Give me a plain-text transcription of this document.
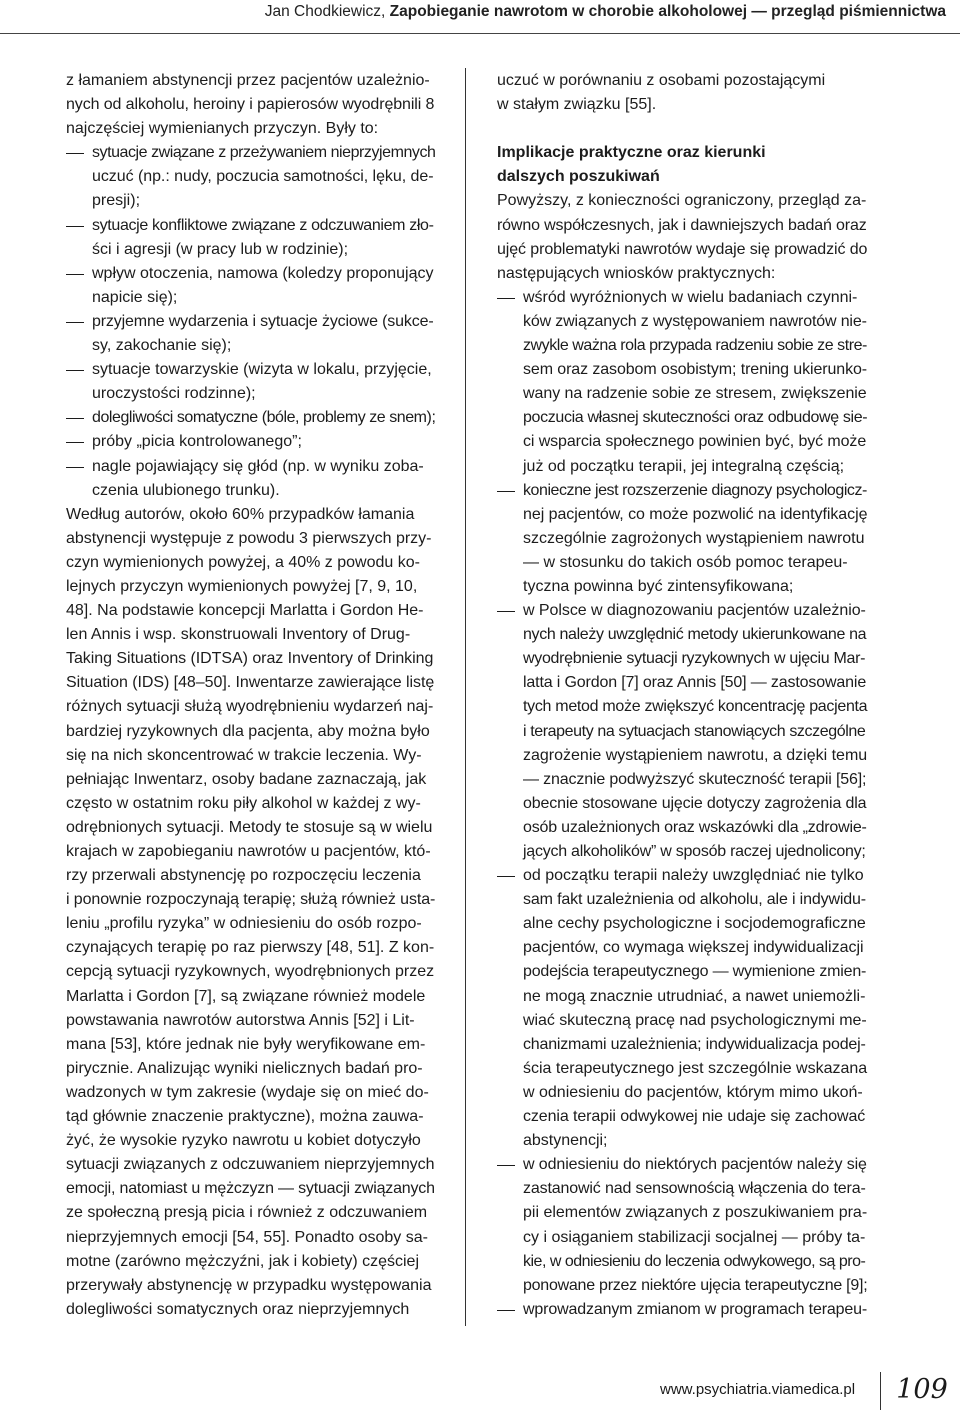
Jan Chodkiewicz, Zapobieganie nawrotom w chorobie alkoholowej — przegląd piśmiennictwa
z łamaniem abstynencji przez pacjentów uzależnio-
nych od alkoholu, heroiny i papierosów wyodrębnili 8
najczęściej wymienianych przyczyn. Były to:
sytuacje związane z przeżywaniem nieprzyjemnych
uczuć (np.: nudy, poczucia samotności, lęku, de-
presji);
sytuacje konfliktowe związane z odczuwaniem zło-
ści i agresji (w pracy lub w rodzinie);
wpływ otoczenia, namowa (koledzy proponujący
napicie się);
przyjemne wydarzenia i sytuacje życiowe (sukce-
sy, zakochanie się);
sytuacje towarzyskie (wizyta w lokalu, przyjęcie,
uroczystości rodzinne);
dolegliwości somatyczne (bóle, problemy ze snem);
próby „picia kontrolowanego”;
nagle pojawiający się głód (np. w wyniku zoba-
czenia ulubionego trunku).
Według autorów, około 60% przypadków łamania
abstynencji występuje z powodu 3 pierwszych przy-
czyn wymienionych powyżej, a 40% z powodu ko-
lejnych przyczyn wymienionych powyżej [7, 9, 10,
48]. Na podstawie koncepcji Marlatta i Gordon He-
len Annis i wsp. skonstruowali Inventory of Drug-
Taking Situations (IDTSA) oraz Inventory of Drinking
Situation (IDS) [48–50]. Inwentarze zawierające listę
różnych sytuacji służą wyodrębnieniu wydarzeń naj-
bardziej ryzykownych dla pacjenta, aby można było
się na nich skoncentrować w trakcie leczenia. Wy-
pełniając Inwentarz, osoby badane zaznaczają, jak
często w ostatnim roku piły alkohol w każdej z wy-
odrębnionych sytuacji. Metody te stosuje są w wielu
krajach w zapobieganiu nawrotów u pacjentów, któ-
rzy przerwali abstynencję po rozpoczęciu leczenia
i ponownie rozpoczynają terapię; służą również usta-
leniu „profilu ryzyka” w odniesieniu do osób rozpo-
czynających terapię po raz pierwszy [48, 51]. Z kon-
cepcją sytuacji ryzykownych, wyodrębnionych przez
Marlatta i Gordon [7], są związane również modele
powstawania nawrotów autorstwa Annis [52] i Lit-
mana [53], które jednak nie były weryfikowane em-
pirycznie. Analizując wyniki nielicznych badań pro-
wadzonych w tym zakresie (wydaje się on mieć do-
tąd głównie znaczenie praktyczne), można zauwa-
żyć, że wysokie ryzyko nawrotu u kobiet dotyczyło
sytuacji związanych z odczuwaniem nieprzyjemnych
emocji, natomiast u mężczyzn — sytuacji związanych
ze społeczną presją picia i również z odczuwaniem
nieprzyjemnych emocji [54, 55]. Ponadto osoby sa-
motne (zarówno mężczyźni, jak i kobiety) częściej
przerywały abstynencję w przypadku występowania
dolegliwości somatycznych oraz nieprzyjemnych
uczuć w porównaniu z osobami pozostającymi
w stałym związku [55].
Implikacje praktyczne oraz kierunki
dalszych poszukiwań
Powyższy, z konieczności ograniczony, przegląd za-
równo współczesnych, jak i dawniejszych badań oraz
ujęć problematyki nawrotów wydaje się prowadzić do
następujących wniosków praktycznych:
wśród wyróżnionych w wielu badaniach czynni-
ków związanych z występowaniem nawrotów nie-
zwykle ważna rola przypada radzeniu sobie ze stre-
sem oraz zasobom osobistym; trening ukierunko-
wany na radzenie sobie ze stresem, zwiększenie
poczucia własnej skuteczności oraz odbudowę sie-
ci wsparcia społecznego powinien być, być może
już od początku terapii, jej integralną częścią;
konieczne jest rozszerzenie diagnozy psychologicz-
nej pacjentów, co może pozwolić na identyfikację
szczególnie zagrożonych wystąpieniem nawrotu
— w stosunku do takich osób pomoc terapeu-
tyczna powinna być zintensyfikowana;
w Polsce w diagnozowaniu pacjentów uzależnio-
nych należy uwzględnić metody ukierunkowane na
wyodrębnienie sytuacji ryzykownych w ujęciu Mar-
latta i Gordon [7] oraz Annis [50] — zastosowanie
tych metod może zwiększyć koncentrację pacjenta
i terapeuty na sytuacjach stanowiących szczególne
zagrożenie wystąpieniem nawrotu, a dzięki temu
— znacznie podwyższyć skuteczność terapii [56];
obecnie stosowane ujęcie dotyczy zagrożenia dla
osób uzależnionych oraz wskazówki dla „zdrowie-
jących alkoholików” w sposób raczej ujednolicony;
od początku terapii należy uwzględniać nie tylko
sam fakt uzależnienia od alkoholu, ale i indywidu-
alne cechy psychologiczne i socjodemograficzne
pacjentów, co wymaga większej indywidualizacji
podejścia terapeutycznego — wymienione zmien-
ne mogą znacznie utrudniać, a nawet uniemożli-
wiać skuteczną pracę nad psychologicznymi me-
chanizmami uzależnienia; indywidualizacja podej-
ścia terapeutycznego jest szczególnie wskazana
w odniesieniu do pacjentów, którym mimo ukoń-
czenia terapii odwykowej nie udaje się zachować
abstynencji;
w odniesieniu do niektórych pacjentów należy się
zastanowić nad sensownością włączenia do tera-
pii elementów związanych z poszukiwaniem pra-
cy i osiąganiem stabilizacji socjalnej — próby ta-
kie, w odniesieniu do leczenia odwykowego, są pro-
ponowane przez niektóre ujęcia terapeutyczne [9];
wprowadzanym zmianom w programach terapeu-
www.psychiatria.viamedica.pl	109
